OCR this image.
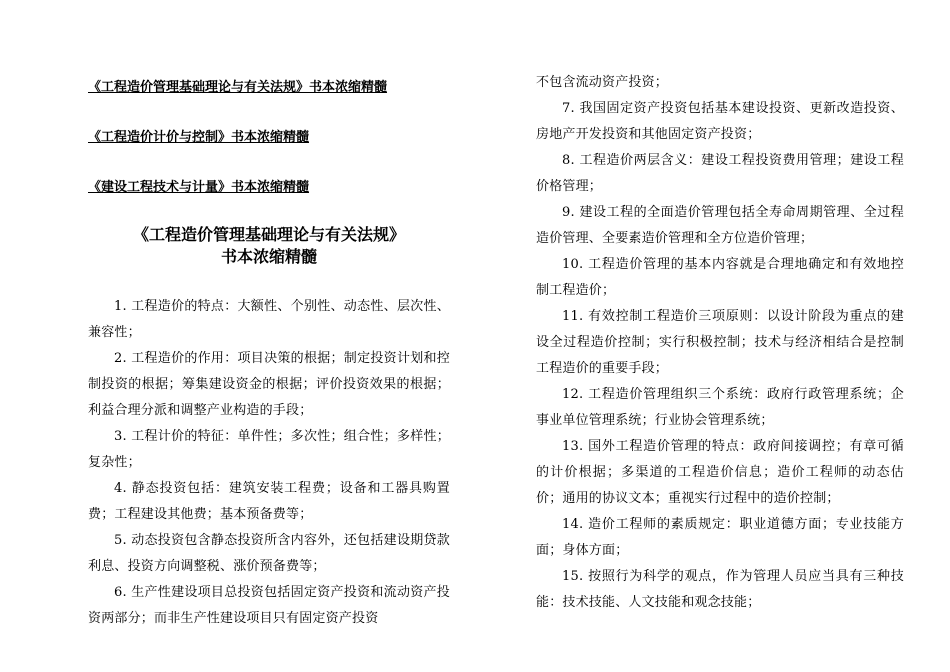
《工程造价管理基础理论与有关法规》书本浓缩精髓
《工程造价计价与控制》书本浓缩精髓
《建设工程技术与计量》书本浓缩精髓
《工程造价管理基础理论与有关法规》
书本浓缩精髓

1. 工程造价的特点：大额性、个别性、动态性、层次性、兼容性；

2. 工程造价的作用：项目决策的根据；制定投资计划和控制投资的根据；筹集建设资金的根据；评价投资效果的根据；利益合理分派和调整产业构造的手段；

3. 工程计价的特征：单件性；多次性；组合性；多样性；复杂性；

4. 静态投资包括：建筑安装工程费；设备和工器具购置费；工程建设其他费；基本预备费等；

5. 动态投资包含静态投资所含内容外，还包括建设期贷款利息、投资方向调整税、涨价预备费等；

6. 生产性建设项目总投资包括固定资产投资和流动资产投资两部分；而非生产性建设项目只有固定资产投资

不包含流动资产投资；

7. 我国固定资产投资包括基本建设投资、更新改造投资、房地产开发投资和其他固定资产投资；

8. 工程造价两层含义：建设工程投资费用管理；建设工程价格管理；

9. 建设工程的全面造价管理包括全寿命周期管理、全过程造价管理、全要素造价管理和全方位造价管理；

10. 工程造价管理的基本内容就是合理地确定和有效地控制工程造价；

11. 有效控制工程造价三项原则：以设计阶段为重点的建设全过程造价控制；实行积极控制；技术与经济相结合是控制工程造价的重要手段；

12. 工程造价管理组织三个系统：政府行政管理系统；企事业单位管理系统；行业协会管理系统；

13. 国外工程造价管理的特点：政府间接调控；有章可循的计价根据；多渠道的工程造价信息；造价工程师的动态估价；通用的协议文本；重视实行过程中的造价控制；

14. 造价工程师的素质规定：职业道德方面；专业技能方面；身体方面；

15. 按照行为科学的观点，作为管理人员应当具有三种技能：技术技能、人文技能和观念技能；
